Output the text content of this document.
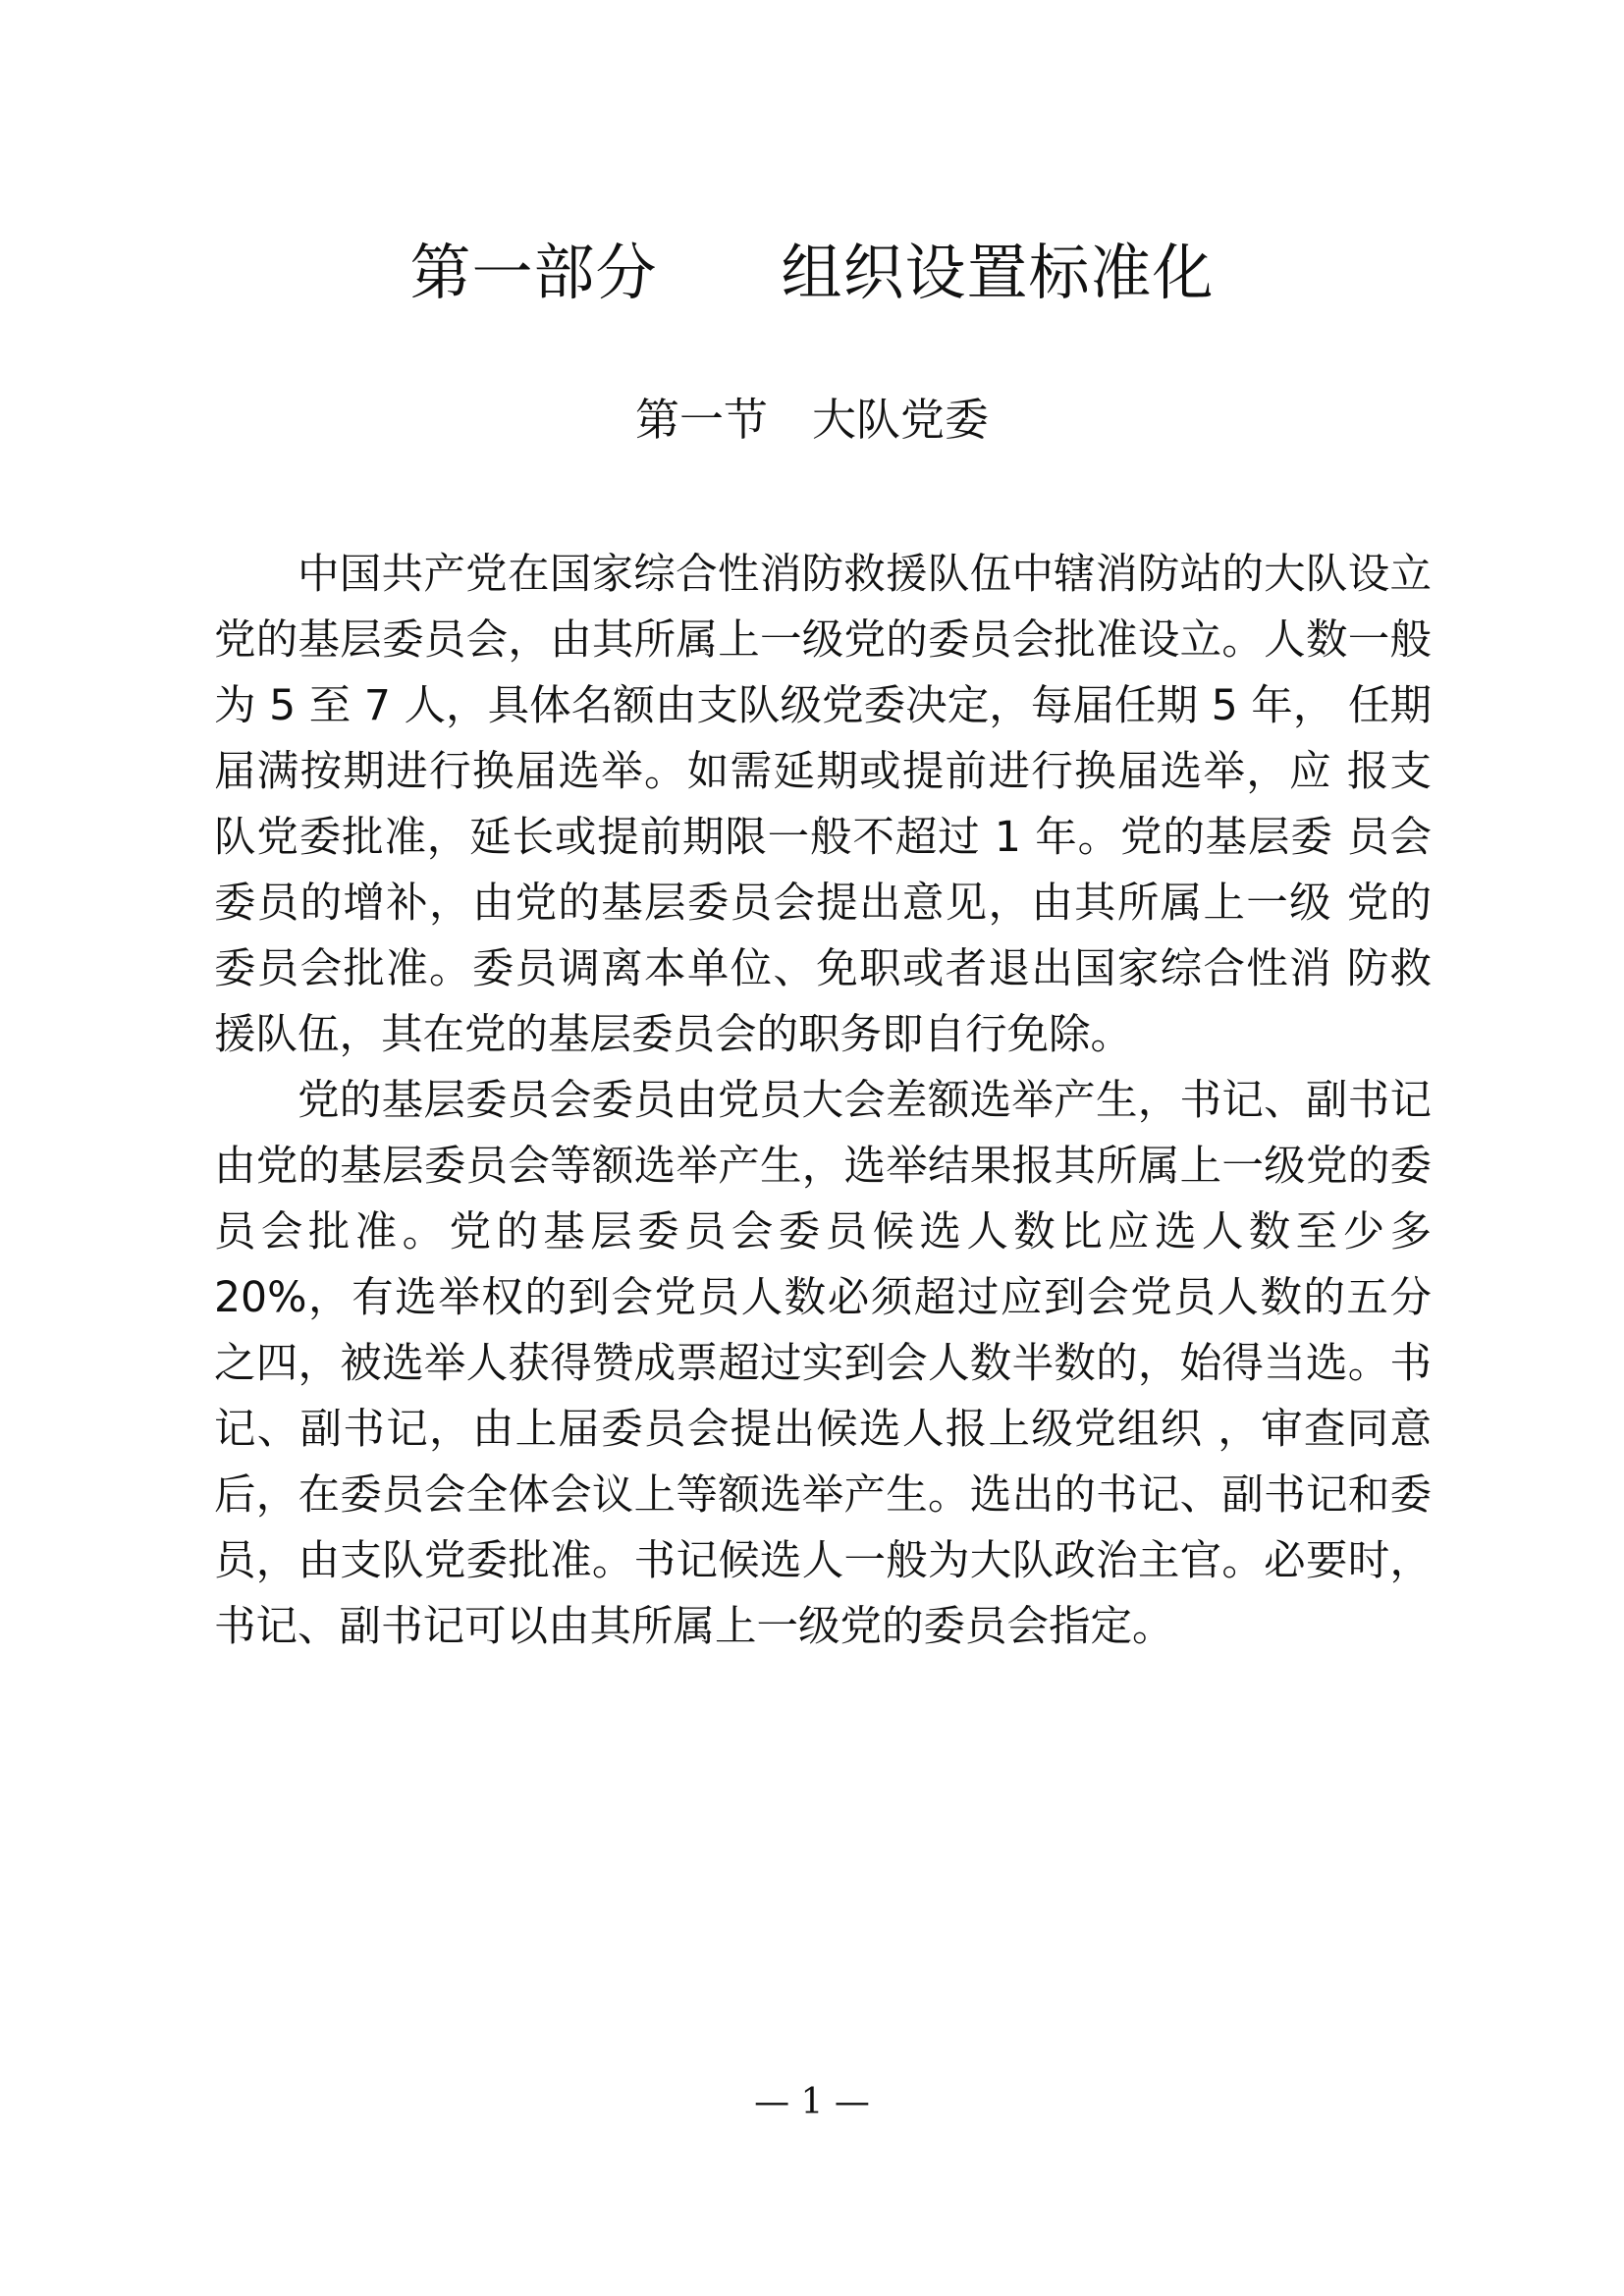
第一部分　　组织设置标准化
第一节　大队党委

中国共产党在国家综合性消防救援队伍中辖消防站的大队设立党的基层委员会，由其所属上一级党的委员会批准设立。人数一般为 5 至 7 人，具体名额由支队级党委决定，每届任期 5 年， 任期届满按期进行换届选举。如需延期或提前进行换届选举，应 报支队党委批准，延长或提前期限一般不超过 1 年。党的基层委 员会委员的增补，由党的基层委员会提出意见，由其所属上一级 党的委员会批准。委员调离本单位、免职或者退出国家综合性消 防救援队伍，其在党的基层委员会的职务即自行免除。

党的基层委员会委员由党员大会差额选举产生，书记、副书记由党的基层委员会等额选举产生，选举结果报其所属上一级党的委员会批准。党的基层委员会委员候选人数比应选人数至少多 20%，有选举权的到会党员人数必须超过应到会党员人数的五分之四，被选举人获得赞成票超过实到会人数半数的，始得当选。书记、副书记，由上届委员会提出候选人报上级党组织 ，审查同意后，在委员会全体会议上等额选举产生。选出的书记、副书记和委员，由支队党委批准。书记候选人一般为大队政治主官。必要时，书记、副书记可以由其所属上一级党的委员会指定。

— 1 —
